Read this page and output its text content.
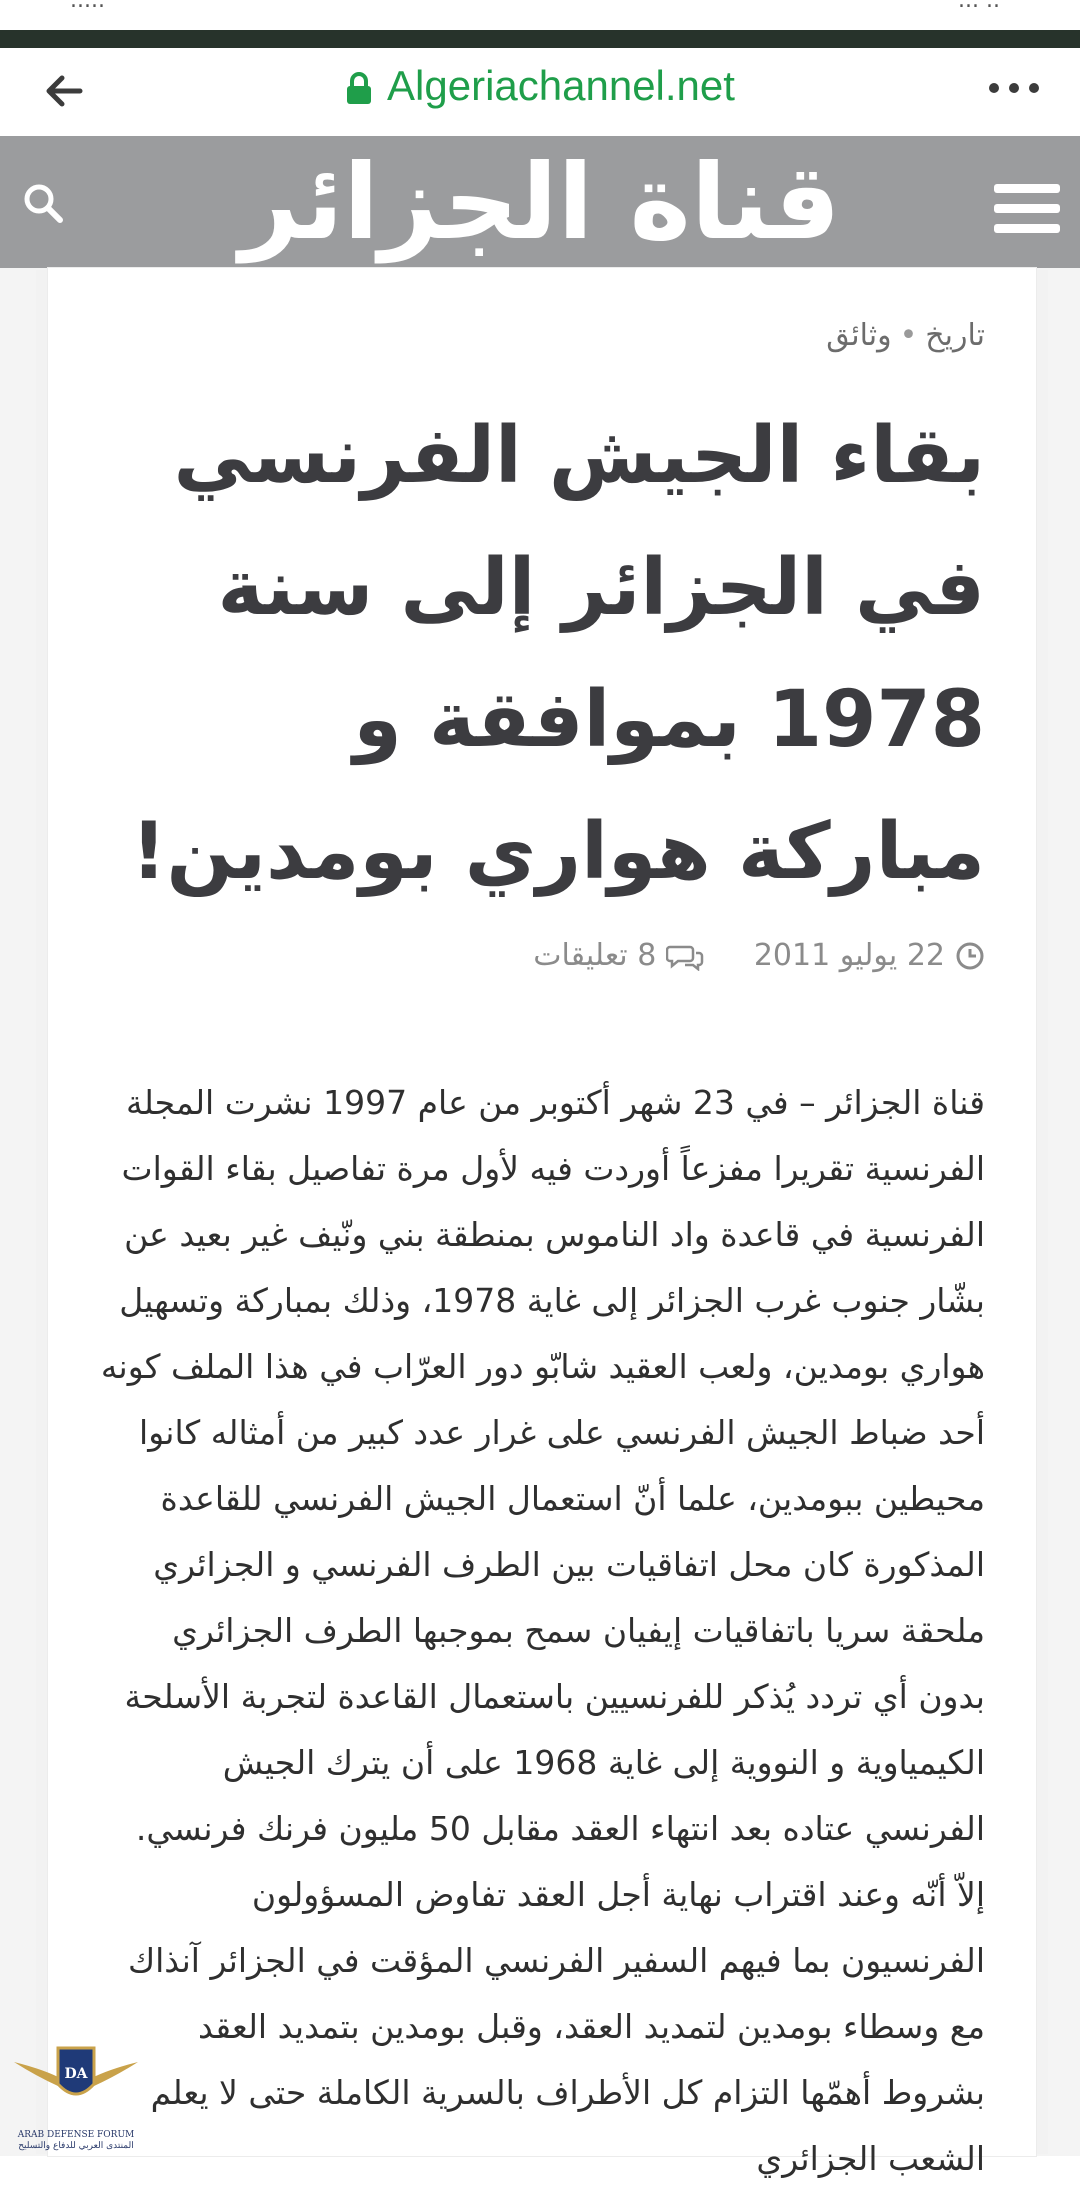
.....	... ..
Algeriachannel.net
قناة الجزائر
تاريخ•وثائق
بقاء الجيش الفرنسي في الجزائر إلى سنة 1978 بموافقة و مباركة هواري بومدين!
22 يوليو 2011

8 تعليقات

قناة الجزائر – في 23 شهر أكتوبر من عام 1997 نشرت المجلة الفرنسية تقريرا مفزعاً أوردت فيه لأول مرة تفاصيل بقاء القوات الفرنسية في قاعدة واد الناموس بمنطقة بني ونّيف غير بعيد عن بشّار جنوب غرب الجزائر إلى غاية 1978، وذلك بمباركة وتسهيل هواري بومدين، ولعب العقيد شابّو دور العرّاب في هذا الملف كونه أحد ضباط الجيش الفرنسي على غرار عدد كبير من أمثاله كانوا محيطين ببومدين، علما أنّ استعمال الجيش الفرنسي للقاعدة المذكورة كان محل اتفاقيات بين الطرف الفرنسي و الجزائري ملحقة سريا باتفاقيات إيفيان سمح بموجبها الطرف الجزائري بدون أي تردد يُذكر للفرنسيين باستعمال القاعدة لتجربة الأسلحة الكيمياوية و النووية إلى غاية 1968 على أن يترك الجيش الفرنسي عتاده بعد انتهاء العقد مقابل 50 مليون فرنك فرنسي.

إلاّ أنّه وعند اقتراب نهاية أجل العقد تفاوض المسؤولون الفرنسيون بما فيهم السفير الفرنسي المؤقت في الجزائر آنذاك مع وسطاء بومدين لتمديد العقد، وقبل بومدين بتمديد العقد بشروط أهمّها التزام كل الأطراف بالسرية الكاملة حتى لا يعلم الشعب الجزائري

DA
ARAB DEFENSE FORUM
المنتدى العربي للدفاع والتسليح
